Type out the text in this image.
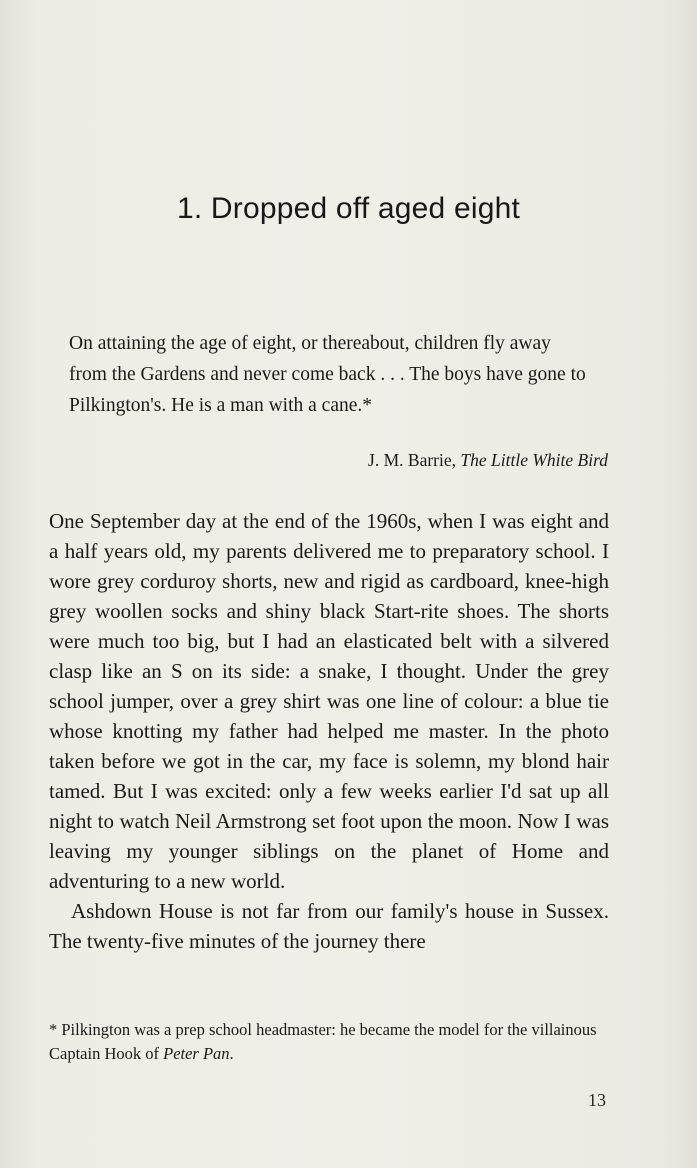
1. Dropped off aged eight

On attaining the age of eight, or thereabout, children fly away from the Gardens and never come back . . . The boys have gone to Pilkington's. He is a man with a cane.*

J. M. Barrie, The Little White Bird

One September day at the end of the 1960s, when I was eight and a half years old, my parents delivered me to preparatory school. I wore grey corduroy shorts, new and rigid as cardboard, knee-high grey woollen socks and shiny black Start-rite shoes. The shorts were much too big, but I had an elasticated belt with a silvered clasp like an S on its side: a snake, I thought. Under the grey school jumper, over a grey shirt was one line of colour: a blue tie whose knotting my father had helped me master. In the photo taken before we got in the car, my face is solemn, my blond hair tamed. But I was excited: only a few weeks earlier I'd sat up all night to watch Neil Armstrong set foot upon the moon. Now I was leaving my younger siblings on the planet of Home and adventuring to a new world.

Ashdown House is not far from our family's house in Sussex. The twenty-five minutes of the journey there

* Pilkington was a prep school headmaster: he became the model for the villainous Captain Hook of Peter Pan.
13
